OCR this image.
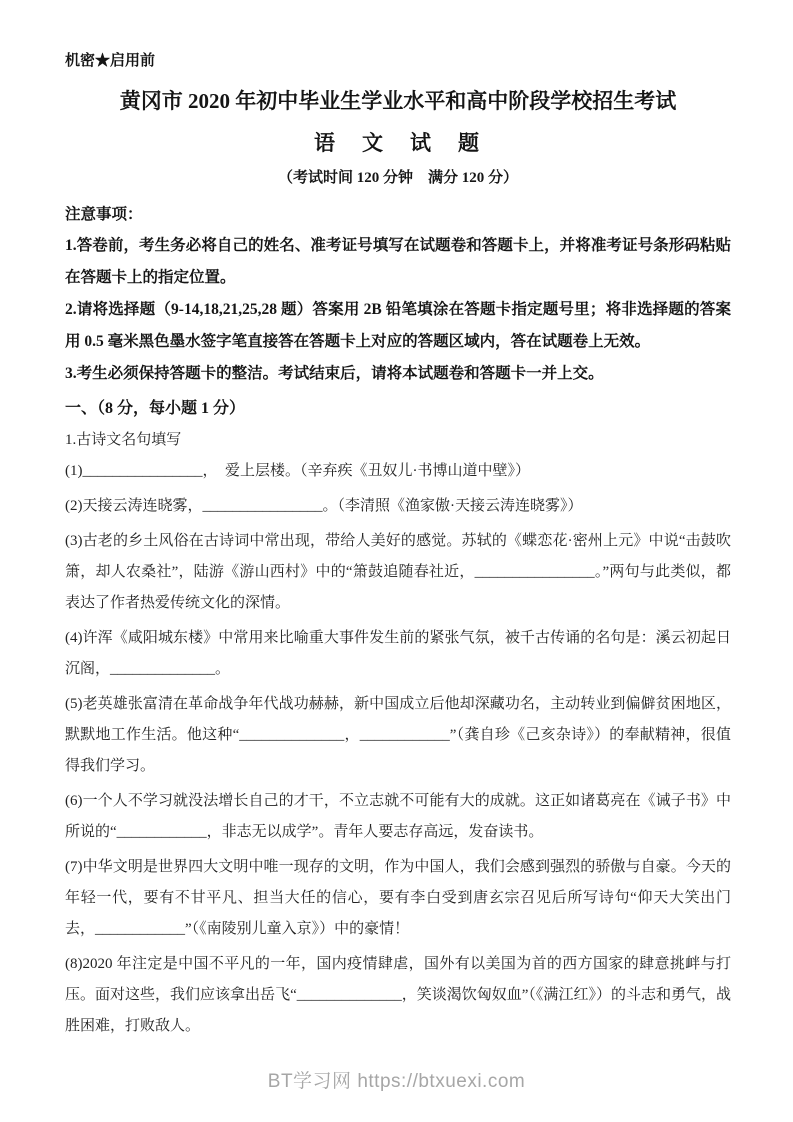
机密★启用前
黄冈市 2020 年初中毕业生学业水平和高中阶段学校招生考试
语　文　试　题
（考试时间 120 分钟　满分 120 分）
注意事项：

1.答卷前，考生务必将自己的姓名、准考证号填写在试题卷和答题卡上，并将准考证号条形码粘贴在答题卡上的指定位置。

2.请将选择题（9-14,18,21,25,28 题）答案用 2B 铅笔填涂在答题卡指定题号里；将非选择题的答案用 0.5 毫米黑色墨水签字笔直接答在答题卡上对应的答题区域内，答在试题卷上无效。

3.考生必须保持答题卡的整洁。考试结束后，请将本试题卷和答题卡一并上交。

一、（8 分，每小题 1 分）

1.古诗文名句填写

(1)________________，　爱上层楼。（辛弃疾《丑奴儿·书博山道中壁》）

(2)天接云涛连晓雾，________________。（李清照《渔家傲·天接云涛连晓雾》）

(3)古老的乡土风俗在古诗词中常出现，带给人美好的感觉。苏轼的《蝶恋花·密州上元》中说“击鼓吹箫，却人农桑社”，陆游《游山西村》中的“箫鼓追随春社近，________________。”两句与此类似，都表达了作者热爱传统文化的深情。

(4)许浑《咸阳城东楼》中常用来比喻重大事件发生前的紧张气氛，被千古传诵的名句是：溪云初起日沉阁，______________。

(5)老英雄张富清在革命战争年代战功赫赫，新中国成立后他却深藏功名，主动转业到偏僻贫困地区，默默地工作生活。他这种“______________，____________”（龚自珍《己亥杂诗》）的奉献精神，很值得我们学习。

(6)一个人不学习就没法增长自己的才干，不立志就不可能有大的成就。这正如诸葛亮在《诫子书》中所说的“____________，非志无以成学”。青年人要志存高远，发奋读书。

(7)中华文明是世界四大文明中唯一现存的文明，作为中国人，我们会感到强烈的骄傲与自豪。今天的年轻一代，要有不甘平凡、担当大任的信心，要有李白受到唐玄宗召见后所写诗句“仰天大笑出门去，____________”（《南陵别儿童入京》）中的豪情！

(8)2020 年注定是中国不平凡的一年，国内疫情肆虐，国外有以美国为首的西方国家的肆意挑衅与打压。面对这些，我们应该拿出岳飞“______________，笑谈渴饮匈奴血”（《满江红》）的斗志和勇气，战胜困难，打败敌人。

BT学习网 https://btxuexi.com
